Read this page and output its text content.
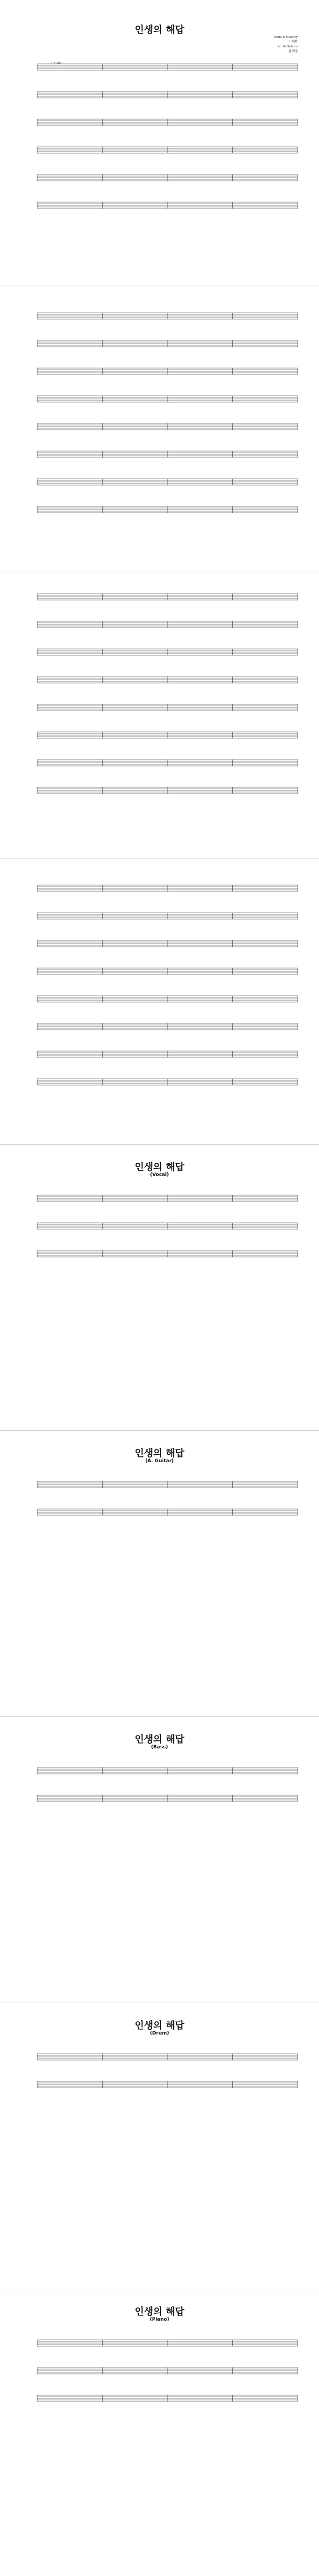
인생의 해답
Words & Music by
이재완
Arr. & Orch. by
윤태웅
♩ = 100
인생의 해답
(Vocal)
인생의 해답
(A. Guitar)
인생의 해답
(Bass)
인생의 해답
(Drum)
인생의 해답
(Piano)
